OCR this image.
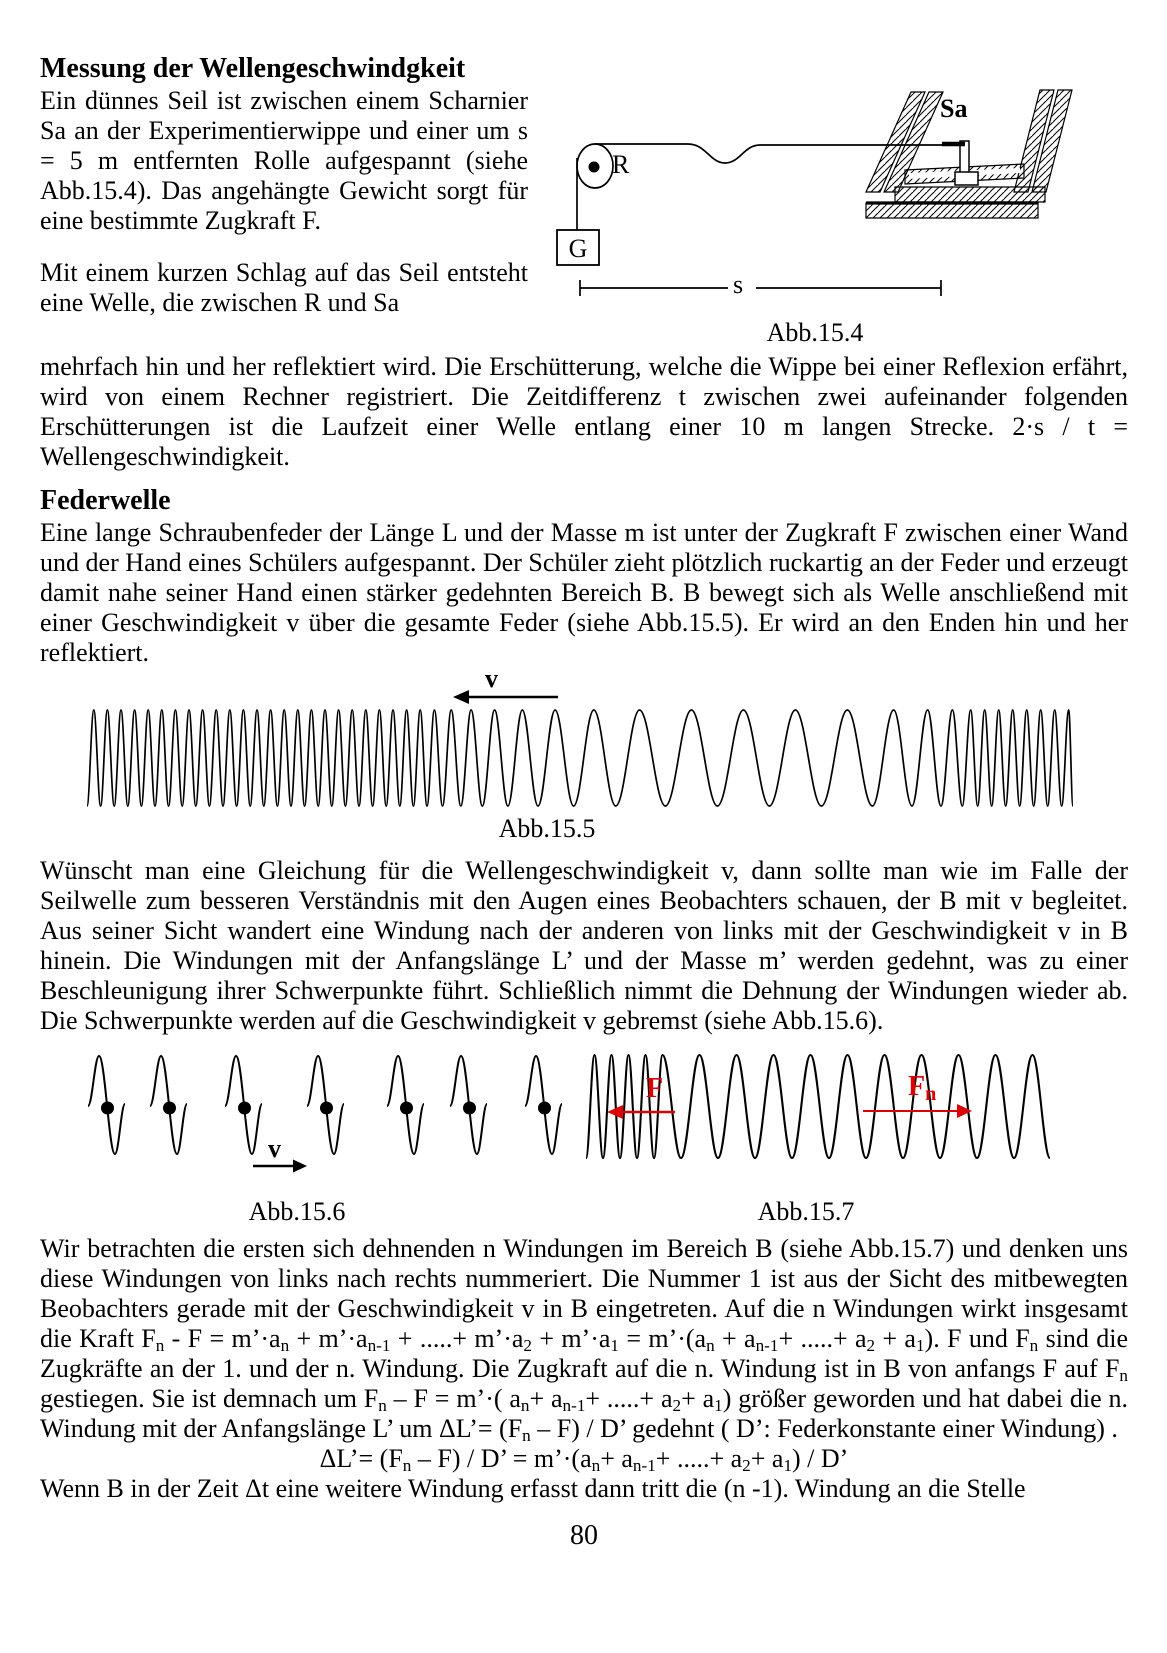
Messung der Wellengeschwindgkeit

Ein dünnes Seil ist zwischen einem Scharnier Sa an der Experimentierwippe und einer um s = 5 m entfernten Rolle aufgespannt (siehe Abb.15.4). Das angehängte Gewicht sorgt für eine bestimmte Zugkraft F.

Mit einem kurzen Schlag auf das Seil entsteht eine Welle, die zwischen R und Sa

R
G
Sa
s
Abb.15.4

mehrfach hin und her reflektiert wird. Die Erschütterung, welche die Wippe bei einer Reflexion erfährt, wird von einem Rechner registriert. Die Zeitdifferenz t zwischen zwei aufeinander folgenden Erschütterungen ist die Laufzeit einer Welle entlang einer 10 m langen Strecke. 2·s / t = Wellengeschwindigkeit.

Federwelle

Eine lange Schraubenfeder der Länge L und der Masse m ist unter der Zugkraft F zwischen einer Wand und der Hand eines Schülers aufgespannt. Der Schüler zieht plötzlich ruckartig an der Feder und erzeugt damit nahe seiner Hand einen stärker gedehnten Bereich B. B bewegt sich als Welle anschließend mit einer Geschwindigkeit v über die gesamte Feder (siehe Abb.15.5). Er wird an den Enden hin und her reflektiert.

v
Abb.15.5

Wünscht man eine Gleichung für die Wellengeschwindigkeit v, dann sollte man wie im Falle der Seilwelle zum besseren Verständnis mit den Augen eines Beobachters schauen, der B mit v begleitet. Aus seiner Sicht wandert eine Windung nach der anderen von links mit der Geschwindigkeit v in B hinein. Die Windungen mit der Anfangslänge L’ und der Masse m’ werden gedehnt, was zu einer Beschleunigung ihrer Schwerpunkte führt. Schließlich nimmt die Dehnung der Windungen wieder ab. Die Schwerpunkte werden auf die Geschwindigkeit v gebremst (siehe Abb.15.6).

v
Abb.15.6
F	Fn
Abb.15.7

Wir betrachten die ersten sich dehnenden n Windungen im Bereich B (siehe Abb.15.7) und denken uns diese Windungen von links nach rechts nummeriert. Die Nummer 1 ist aus der Sicht des mitbewegten Beobachters gerade mit der Geschwindigkeit v in B eingetreten. Auf die n Windungen wirkt insgesamt die Kraft $F_n$ - $F = m’\cdot a_n$ + $m’\cdot a_{n-1}$ + .....+ $m’\cdot a_2$ + $m’\cdot a_1$ = $m’\cdot(a_n + a_{n-1}+$ .....+ $a_2 + a_1$). F und $F_n$ sind die Zugkräfte an der 1. und der n. Windung. Die Zugkraft auf die n. Windung ist in B von anfangs F auf $F_n$ gestiegen. Sie ist demnach um $F_n$ – F = m’·( $a_n+ a_{n-1}+$ .....+ $a_2+ a_1$) größer geworden und hat dabei die n. Windung mit der Anfangslänge L’ um ΔL’= $(F_n - F)$ / D’ gedehnt ( D’: Federkonstante einer Windung) .

ΔL’= $(F_n - F)$ / D’ = $m’\cdot(a_n+ a_{n-1}+$ .....+ $a_2+ a_1) / D$’

Wenn B in der Zeit Δt eine weitere Windung erfasst dann tritt die (n -1). Windung an die Stelle

80
